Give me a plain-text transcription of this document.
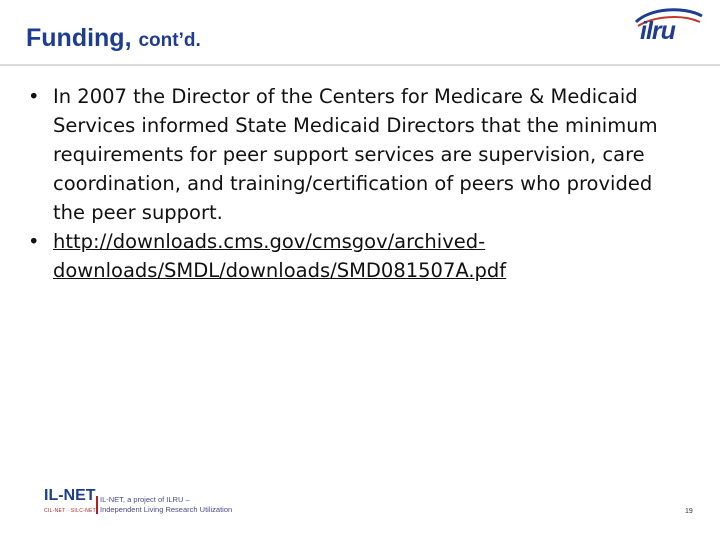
Funding, cont’d.	ilru

• In 2007 the Director of the Centers for Medicare & Medicaid Services informed State Medicaid Directors that the minimum requirements for peer support services are supervision, care coordination, and training/certification of peers who provided the peer support.

• http://downloads.cms.gov/cmsgov/archived-downloads/SMDL/downloads/SMD081507A.pdf

IL-NET
CIL-NET · SILC-NET
IL-NET, a project of ILRU –
Independent Living Research Utilization	19
